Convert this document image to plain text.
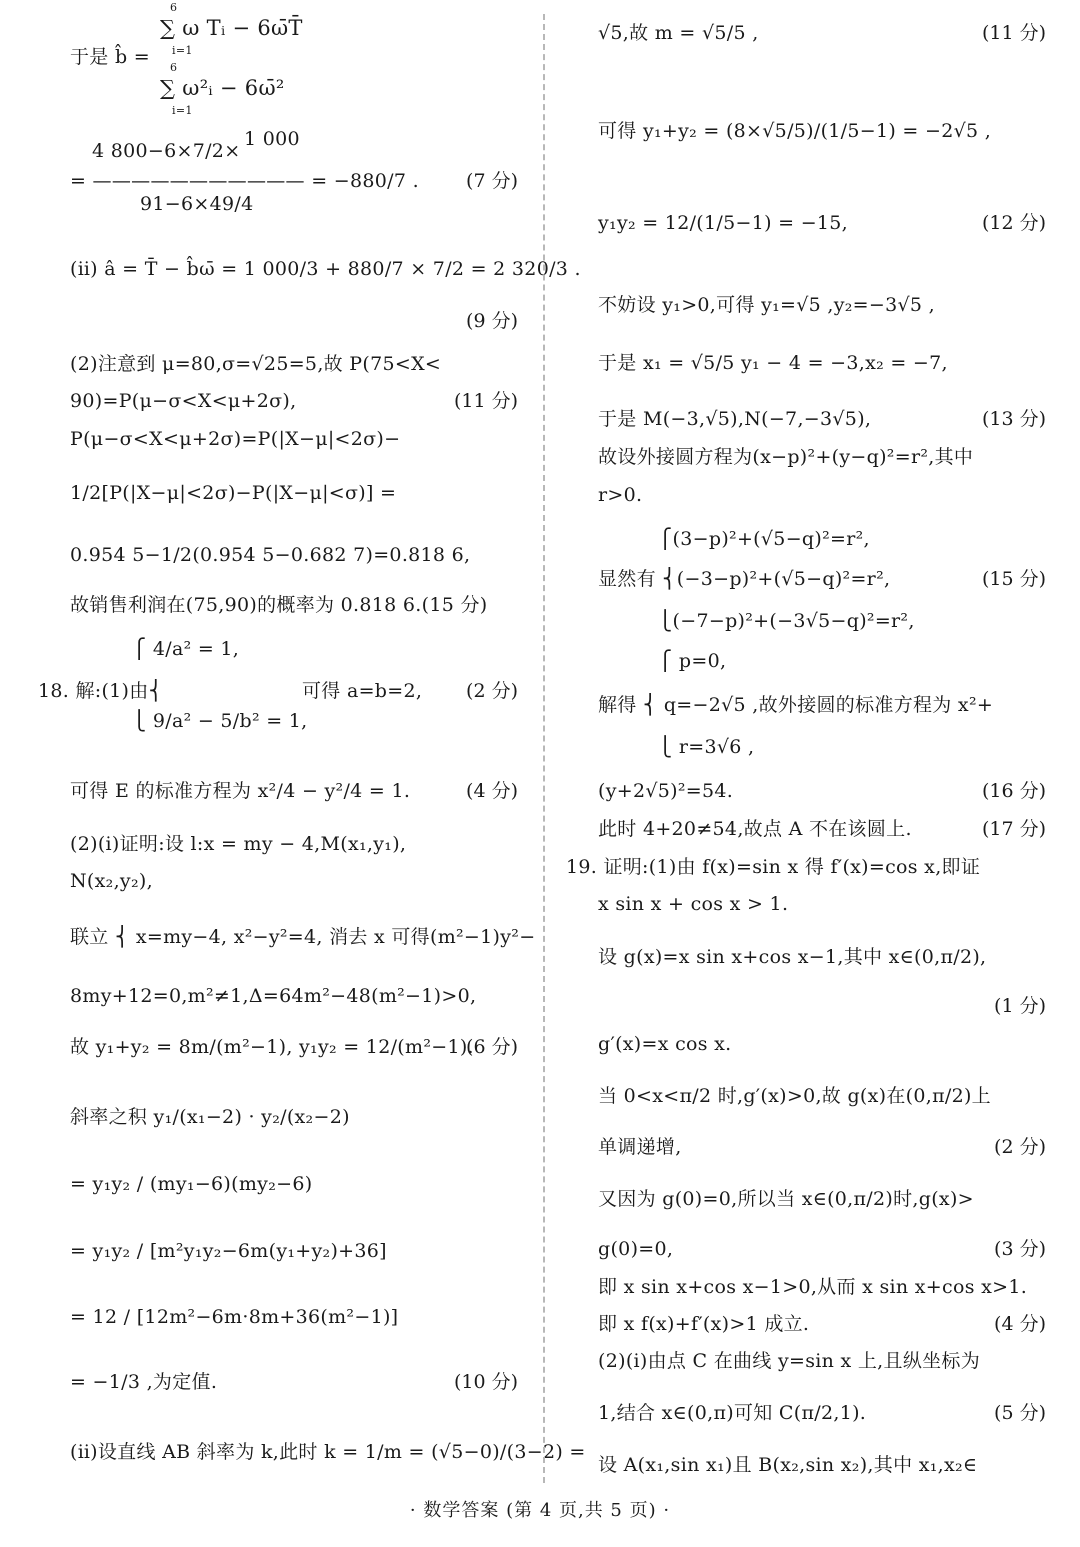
6
∑ ω Tᵢ − 6ω̄T̄
i=1
于是 b̂ = 6
∑ ω²ᵢ − 6ω̄²
i=1
1 000
4 800−6×7/2×
= ——————————— = −880/7 .
91−6×49/4
(ⅱ) â = T̄ − b̂ω̄ = 1 000/3 + 880/7 × 7/2 = 2 320/3 .
(2)注意到 μ=80,σ=√25=5,故 P(75<X<
90)=P(μ−σ<X<μ+2σ),
P(μ−σ<X<μ+2σ)=P(|X−μ|<2σ)−
1/2[P(|X−μ|<2σ)−P(|X−μ|<σ)] =
0.954 5−1/2(0.954 5−0.682 7)=0.818 6,
故销售利润在(75,90)的概率为 0.818 6.(15 分)
⎧ 4/a² = 1,
18. 解:(1)由⎨	可得 a=b=2,
⎩ 9/a² − 5/b² = 1,
可得 E 的标准方程为 x²/4 − y²/4 = 1.
(2)(ⅰ)证明:设 l:x = my − 4,M(x₁,y₁),
N(x₂,y₂),
联立 ⎨ x=my−4, x²−y²=4, 消去 x 可得(m²−1)y²−
8my+12=0,m²≠1,Δ=64m²−48(m²−1)>0,
故 y₁+y₂ = 8m/(m²−1), y₁y₂ = 12/(m²−1).
斜率之积 y₁/(x₁−2) · y₂/(x₂−2)
= y₁y₂ / (my₁−6)(my₂−6)
= y₁y₂ / [m²y₁y₂−6m(y₁+y₂)+36]
= 12 / [12m²−6m·8m+36(m²−1)]
= −1/3 ,为定值.
(ⅱ)设直线 AB 斜率为 k,此时 k = 1/m = (√5−0)/(3−2) =
(7 分)
(9 分)
(11 分)
(2 分)
(4 分)
(6 分)
(10 分)
√5,故 m = √5/5 ,
可得 y₁+y₂ = (8×√5/5)/(1/5−1) = −2√5 ,
y₁y₂ = 12/(1/5−1) = −15,
不妨设 y₁>0,可得 y₁=√5 ,y₂=−3√5 ,
于是 x₁ = √5/5 y₁ − 4 = −3,x₂ = −7,
于是 M(−3,√5),N(−7,−3√5),
故设外接圆方程为(x−p)²+(y−q)²=r²,其中
r>0.
⎧(3−p)²+(√5−q)²=r²,
显然有 ⎨(−3−p)²+(√5−q)²=r²,
⎩(−7−p)²+(−3√5−q)²=r²,
⎧ p=0,
解得 ⎨ q=−2√5 ,故外接圆的标准方程为 x²+
⎩ r=3√6 ,
(y+2√5)²=54.
此时 4+20≠54,故点 A 不在该圆上.
19. 证明:(1)由 f(x)=sin x 得 f′(x)=cos x,即证
x sin x + cos x > 1.
设 g(x)=x sin x+cos x−1,其中 x∈(0,π/2),
g′(x)=x cos x.
当 0<x<π/2 时,g′(x)>0,故 g(x)在(0,π/2)上
单调递增,
又因为 g(0)=0,所以当 x∈(0,π/2)时,g(x)>
g(0)=0,
即 x sin x+cos x−1>0,从而 x sin x+cos x>1.
即 x f(x)+f′(x)>1 成立.
(2)(ⅰ)由点 C 在曲线 y=sin x 上,且纵坐标为
1,结合 x∈(0,π)可知 C(π/2,1).
设 A(x₁,sin x₁)且 B(x₂,sin x₂),其中 x₁,x₂∈
(11 分)
(12 分)
(13 分)
(15 分)
(16 分)
(17 分)
(1 分)
(2 分)
(3 分)
(4 分)
(5 分)
· 数学答案 (第 4 页,共 5 页) ·
